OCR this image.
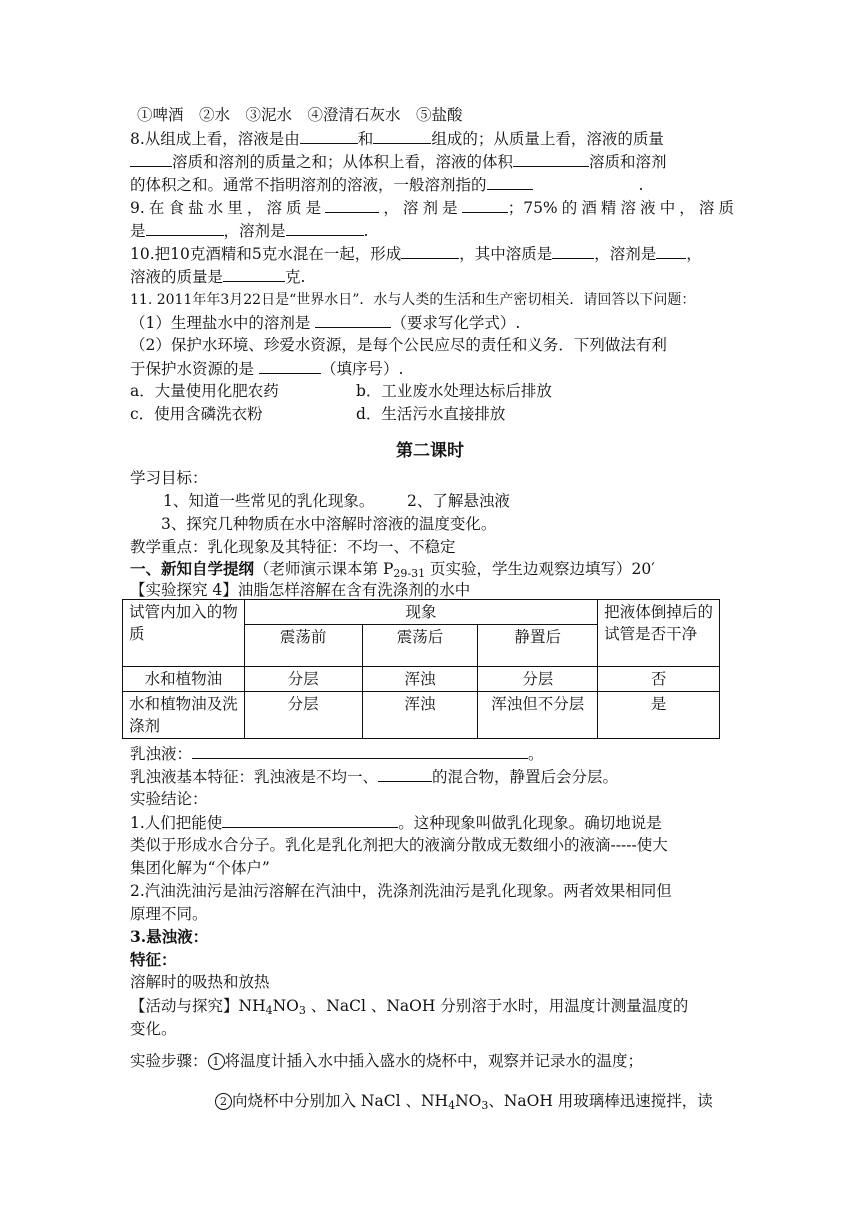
①啤酒　②水　③泥水　④澄清石灰水　⑤盐酸
8.从组成上看，溶液是由	和	组成的；从质量上看，溶液的质量
溶质和溶剂的质量之和；从体积上看，溶液的体积	溶质和溶剂
的体积之和。通常不指明溶剂的溶液，一般溶剂指的	.
9.在食盐水里，溶质是	，溶剂是	；75%的酒精溶液中，溶质
是	，溶剂是	.
10.把10克酒精和5克水混在一起，形成	，其中溶质是	，溶剂是 ，
溶液的质量是	克.
11. 2011年年3月22日是“世界水日”．水与人类的生活和生产密切相关．请回答以下问题：
（1）生理盐水中的溶剂是	（要求写化学式）.
（2）保护水环境、珍爱水资源，是每个公民应尽的责任和义务．下列做法有利
于保护水资源的是	（填序号）.
a．大量使用化肥农药	b．工业废水处理达标后排放
c．使用含磷洗衣粉	d．生活污水直接排放
第二课时
学习目标：
1、知道一些常见的乳化现象。 2、了解悬浊液
3、探究几种物质在水中溶解时溶液的温度变化。
教学重点：乳化现象及其特征：不均一、不稳定
一、新知自学提纲（老师演示课本第 $P_{29-31}$ 页实验，学生边观察边填写）20′
【实验探究 4】油脂怎样溶解在含有洗涤剂的水中
试管内加入的物质	现象			把液体倒掉后的试管是否干净
	震荡前	震荡后	静置后	
水和植物油	分层	浑浊	分层	否
水和植物油及洗涤剂	分层	浑浊	浑浊但不分层	是
乳浊液：	。
乳浊液基本特征：乳浊液是不均一、	的混合物，静置后会分层。
实验结论：
1.人们把能使	。这种现象叫做乳化现象。确切地说是
类似于形成水合分子。乳化是乳化剂把大的液滴分散成无数细小的液滴-----使大
集团化解为“个体户”
2.汽油洗油污是油污溶解在汽油中，洗涤剂洗油污是乳化现象。两者效果相同但
原理不同。
3.悬浊液：
特征：
溶解时的吸热和放热
【活动与探究】$NH_4NO_3$ 、NaCl 、NaOH 分别溶于水时，用温度计测量温度的
变化。
实验步骤： 1 将温度计插入水中插入盛水的烧杯中，观察并记录水的温度；
2 向烧杯中分别加入 NaCl 、$NH_4NO_3$、NaOH 用玻璃棒迅速搅拌，读
